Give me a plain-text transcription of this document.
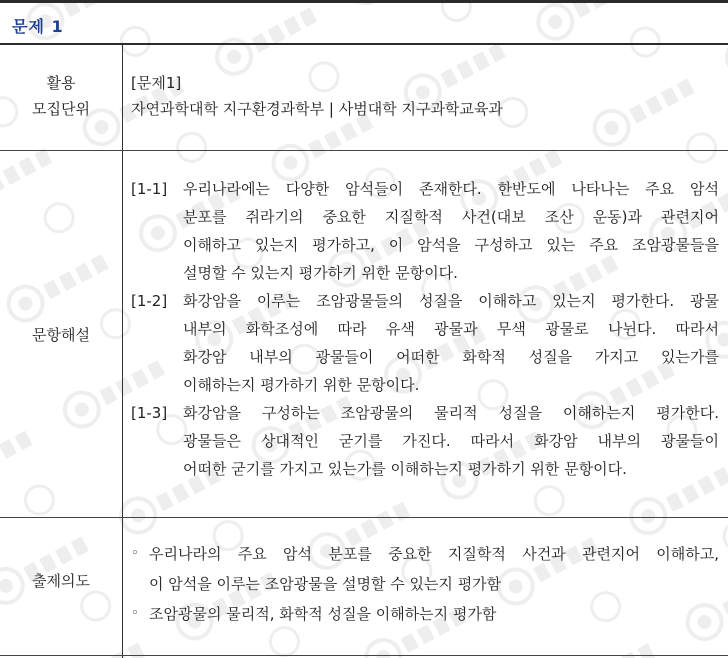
문제 1
활용
모집단위
[문제1]
자연과학대학 지구환경과학부 | 사범대학 지구과학교육과
문항해설
[1-1] 우리나라에는 다양한 암석들이 존재한다. 한반도에 나타나는 주요 암석
분포를 쥐라기의 중요한 지질학적 사건(대보 조산 운동)과 관련지어
이해하고 있는지 평가하고, 이 암석을 구성하고 있는 주요 조암광물들을
설명할 수 있는지 평가하기 위한 문항이다.
[1-2] 화강암을 이루는 조암광물들의 성질을 이해하고 있는지 평가한다. 광물
내부의 화학조성에 따라 유색 광물과 무색 광물로 나뉜다. 따라서
화강암 내부의 광물들이 어떠한 화학적 성질을 가지고 있는가를
이해하는지 평가하기 위한 문항이다.
[1-3] 화강암을 구성하는 조암광물의 물리적 성질을 이해하는지 평가한다.
광물들은 상대적인 굳기를 가진다. 따라서 화강암 내부의 광물들이
어떠한 굳기를 가지고 있는가를 이해하는지 평가하기 위한 문항이다.
출제의도
◦ 우리나라의 주요 암석 분포를 중요한 지질학적 사건과 관련지어 이해하고,
이 암석을 이루는 조암광물을 설명할 수 있는지 평가함
◦ 조암광물의 물리적, 화학적 성질을 이해하는지 평가함
